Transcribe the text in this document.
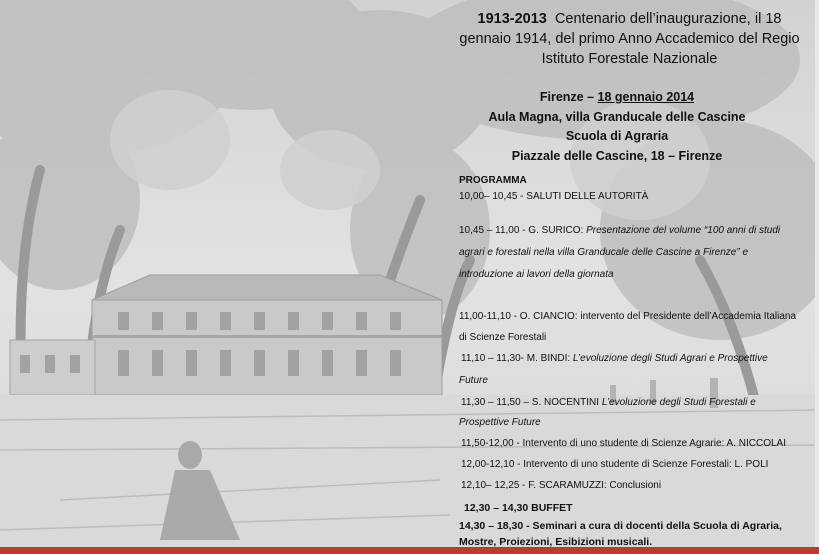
1913-2013 Centenario dell’inaugurazione, il 18
gennaio 1914, del primo Anno Accademico del Regio
Istituto Forestale Nazionale
Firenze – 18 gennaio 2014
Aula Magna, villa Granducale delle Cascine
Scuola di Agraria
Piazzale delle Cascine, 18 – Firenze
PROGRAMMA
10,00– 10,45 - SALUTI DELLE AUTORITÀ
10,45 – 11,00 - G. SURICO: Presentazione del volume “100 anni di studi
agrari e forestali nella villa Granducale delle Cascine a Firenze” e
introduzione ai lavori della giornata
11,00-11,10 - O. CIANCIO: intervento del Presidente dell’Accademia Italiana
di Scienze Forestali
11,10 – 11,30- M. BINDI: L’evoluzione degli Studi Agrari e Prospettive
Future
11,30 – 11,50 – S. NOCENTINI L’evoluzione degli Studi Forestali e
Prospettive Future
11,50-12,00 - Intervento di uno studente di Scienze Agrarie: A. NICCOLAI
12,00-12,10 - Intervento di uno studente di Scienze Forestali: L. POLI
12,10– 12,25 - F. SCARAMUZZI: Conclusioni
12,30 – 14,30 BUFFET
14,30 – 18,30 - Seminari a cura di docenti della Scuola di Agraria,
Mostre, Proiezioni, Esibizioni musicali.
